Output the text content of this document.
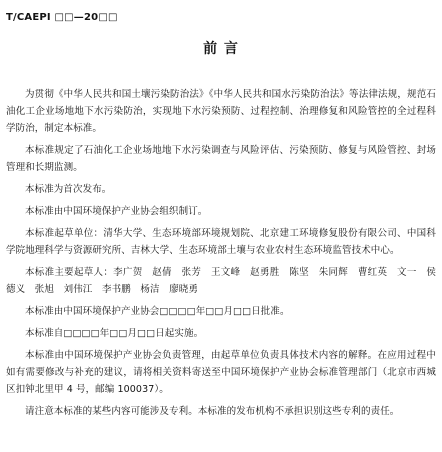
T/CAEPI □□—20□□
前 言

为贯彻《中华人民共和国土壤污染防治法》《中华人民共和国水污染防治法》等法律法规，规范石油化工企业场地地下水污染防治，实现地下水污染预防、过程控制、治理修复和风险管控的全过程科学防治，制定本标准。

本标准规定了石油化工企业场地地下水污染调查与风险评估、污染预防、修复与风险管控、封场管理和长期监测。

本标准为首次发布。

本标准由中国环境保护产业协会组织制订。

本标准起草单位：清华大学、生态环境部环境规划院、北京建工环境修复股份有限公司、中国科学院地理科学与资源研究所、吉林大学、生态环境部土壤与农业农村生态环境监管技术中心。

本标准主要起草人：李广贺　赵倩　张芳　王文峰　赵勇胜　陈坚　朱同辉　曹红英　文一　侯德义　张旭　刘伟江　李书鹏　杨洁　廖晓勇

本标准由中国环境保护产业协会□□□□年□□月□□日批准。

本标准自□□□□年□□月□□日起实施。

本标准由中国环境保护产业协会负责管理，由起草单位负责具体技术内容的解释。在应用过程中如有需要修改与补充的建议，请将相关资料寄送至中国环境保护产业协会标准管理部门（北京市西城区扣钟北里甲 4 号，邮编 100037）。

请注意本标准的某些内容可能涉及专利。本标准的发布机构不承担识别这些专利的责任。
